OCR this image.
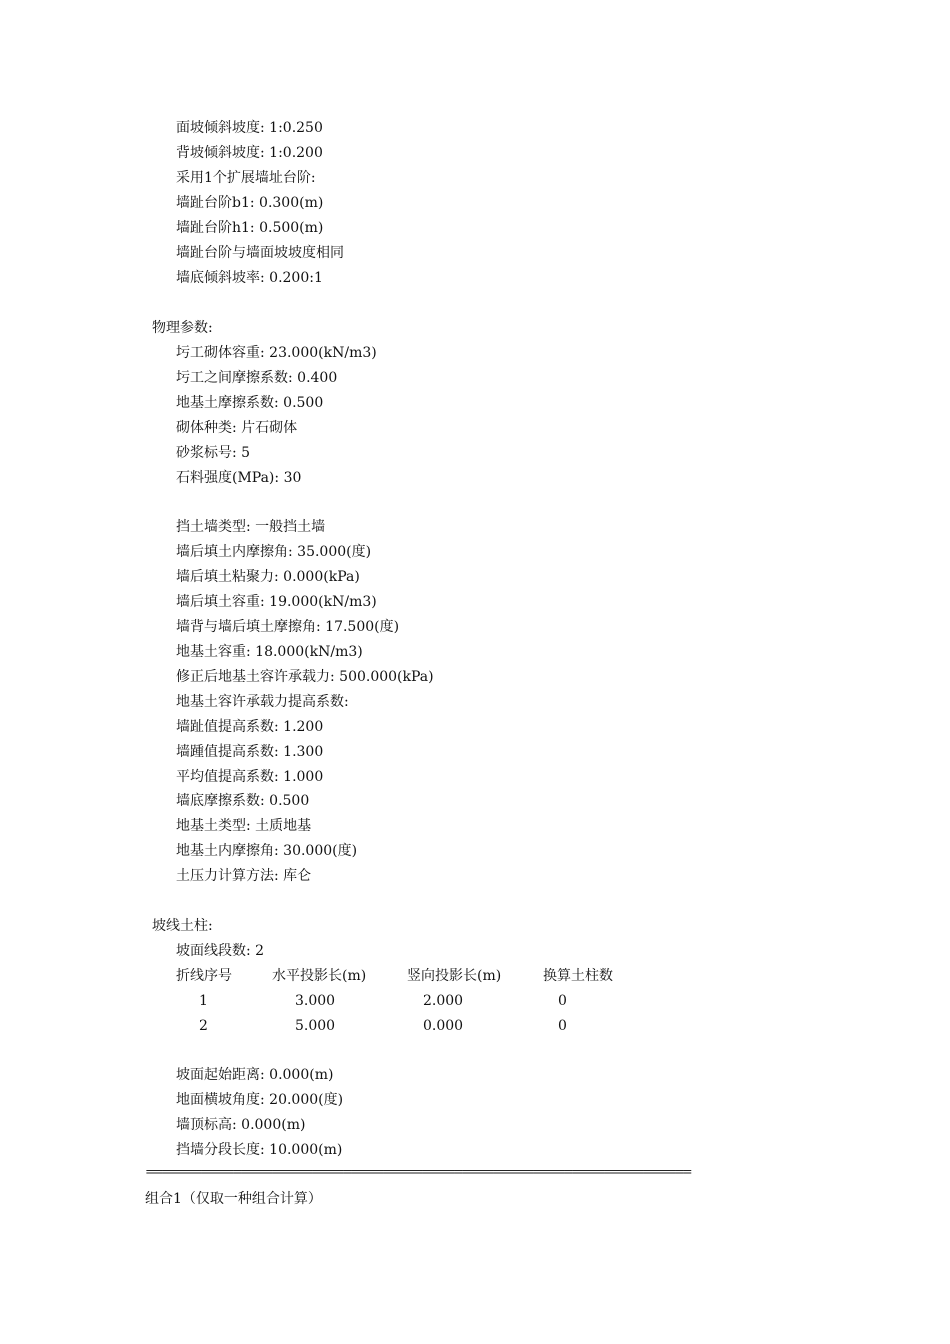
面坡倾斜坡度: 1:0.250
背坡倾斜坡度: 1:0.200
采用1个扩展墙址台阶:
墙趾台阶b1: 0.300(m)
墙趾台阶h1: 0.500(m)
墙趾台阶与墙面坡坡度相同
墙底倾斜坡率: 0.200:1
物理参数:
圬工砌体容重: 23.000(kN/m3)
圬工之间摩擦系数: 0.400
地基土摩擦系数: 0.500
砌体种类: 片石砌体
砂浆标号: 5
石料强度(MPa): 30
挡土墙类型: 一般挡土墙
墙后填土内摩擦角: 35.000(度)
墙后填土粘聚力: 0.000(kPa)
墙后填土容重: 19.000(kN/m3)
墙背与墙后填土摩擦角: 17.500(度)
地基土容重: 18.000(kN/m3)
修正后地基土容许承载力: 500.000(kPa)
地基土容许承载力提高系数:
墙趾值提高系数: 1.200
墙踵值提高系数: 1.300
平均值提高系数: 1.000
墙底摩擦系数: 0.500
地基土类型: 土质地基
地基土内摩擦角: 30.000(度)
土压力计算方法: 库仑
坡线土柱:
坡面线段数: 2
折线序号	水平投影长(m)	竖向投影长(m)	换算土柱数
1	3.000	2.000	0
2	5.000	0.000	0
坡面起始距离: 0.000(m)
地面横坡角度: 20.000(度)
墙顶标高: 0.000(m)
挡墙分段长度: 10.000(m)
=====================================================================
组合1（仅取一种组合计算）
